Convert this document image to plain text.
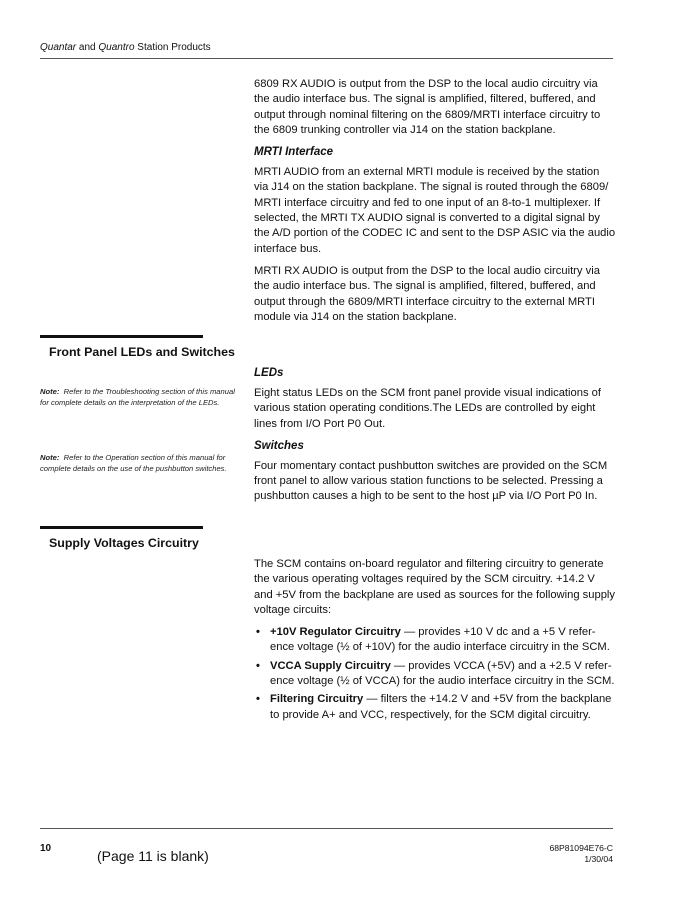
Quantar and Quantro Station Products

6809 RX AUDIO is output from the DSP to the local audio circuitry via the audio interface bus. The signal is amplified, filtered, buffered, and output through nominal filtering on the 6809/MRTI interface circuitry to the 6809 trunking controller via J14 on the station backplane.

MRTI Interface

MRTI AUDIO from an external MRTI module is received by the station via J14 on the station backplane. The signal is routed through the 6809/ MRTI interface circuitry and fed to one input of an 8-to-1 multiplexer. If selected, the MRTI TX AUDIO signal is converted to a digital signal by the A/D portion of the CODEC IC and sent to the DSP ASIC via the audio interface bus.

MRTI RX AUDIO is output from the DSP to the local audio circuitry via the audio interface bus. The signal is amplified, filtered, buffered, and output through the 6809/MRTI interface circuitry to the external MRTI module via J14 on the station backplane.

Front Panel LEDs and Switches
Note: Refer to the Troubleshooting section of this manual for complete details on the interpretation of the LEDs.
Note: Refer to the Operation section of this manual for complete details on the use of the pushbutton switches.
LEDs

Eight status LEDs on the SCM front panel provide visual indications of various station operating conditions.The LEDs are controlled by eight lines from I/O Port P0 Out.

Switches

Four momentary contact pushbutton switches are provided on the SCM front panel to allow various station functions to be selected. Pressing a pushbutton causes a high to be sent to the host µP via I/O Port P0 In.

Supply Voltages Circuitry

The SCM contains on-board regulator and filtering circuitry to generate the various operating voltages required by the SCM circuitry. +14.2 V and +5V from the backplane are used as sources for the following supply voltage circuits:

• +10V Regulator Circuitry — provides +10 V dc and a +5 V refer-ence voltage (½ of +10V) for the audio interface circuitry in the SCM.
• VCCA Supply Circuitry — provides VCCA (+5V) and a +2.5 V refer-ence voltage (½ of VCCA) for the audio interface circuitry in the SCM.
• Filtering Circuitry — filters the +14.2 V and +5V from the backplane to provide A+ and VCC, respectively, for the SCM digital circuitry.
10	(Page 11 is blank)	68P81094E76-C
1/30/04
